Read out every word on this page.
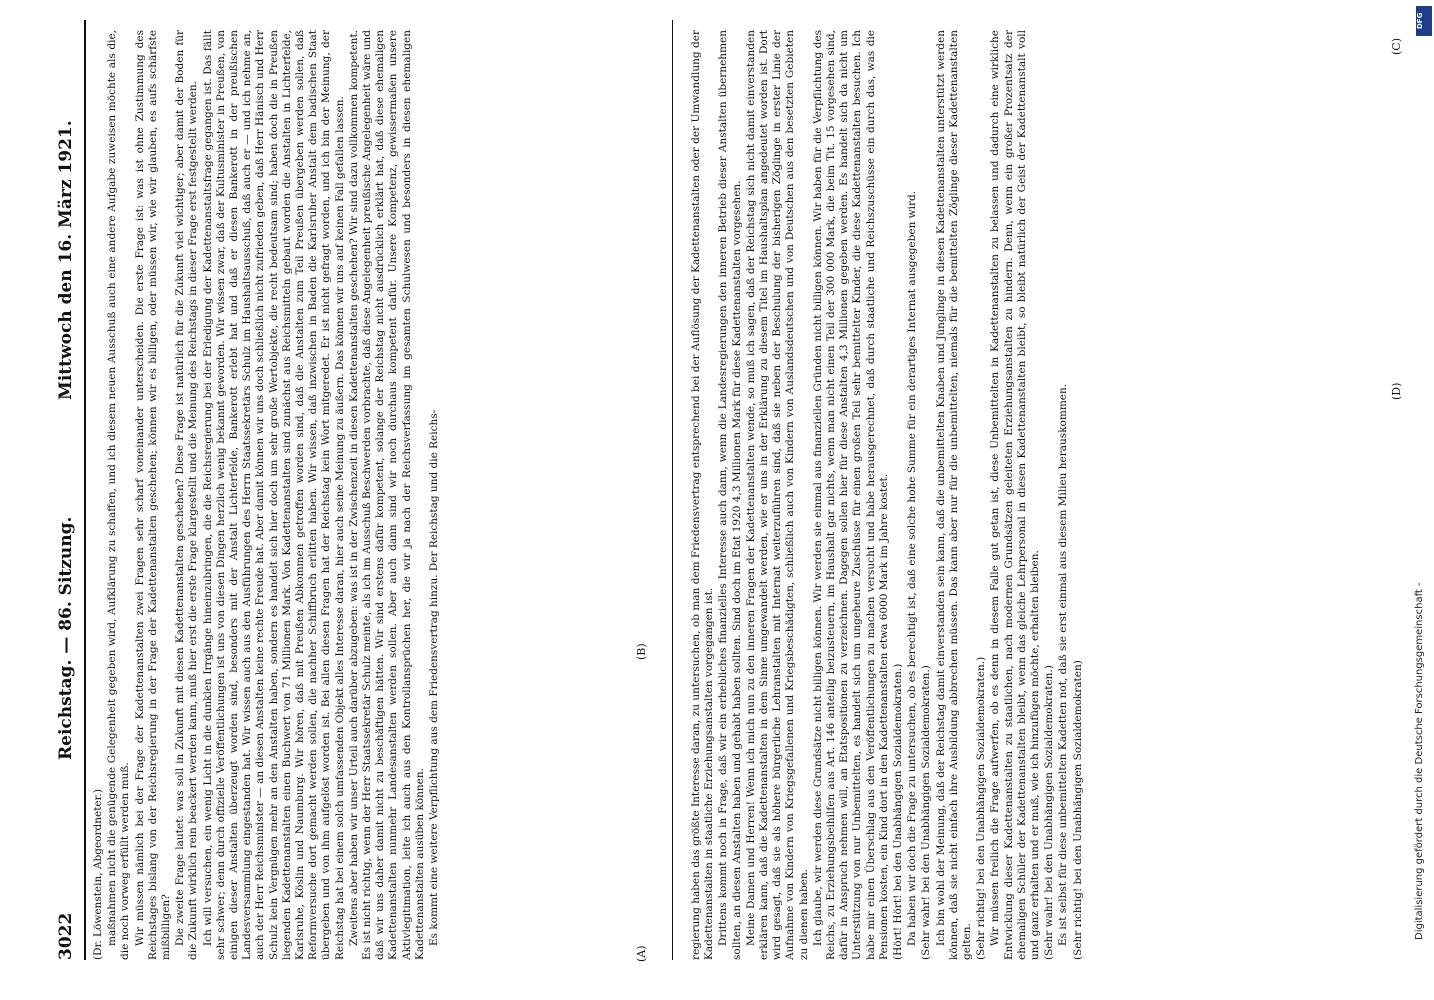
3022
Reichstag. — 86. Sitzung.
Mittwoch den 16. März 1921.

(Dr. Löwenstein, Abgeordneter.) maßnahmen nicht die genügende Gelegenheit gegeben wird, Aufklärung zu schaffen, und ich diesem neuen Ausschuß auch eine andere Aufgabe zuweisen möchte als die, die noch vorweg erfüllt werden muß. Wir müssen nämlich bei der Frage der Kadettenanstalten zwei Fragen sehr scharf voneinander unterscheiden. Die erste Frage ist: was ist ohne Zustimmung des Reichstages bislang von der Reichsregierung in der Frage der Kadettenanstalten geschehen; können wir es billigen, oder müssen wir, wie wir glauben, es aufs schärfste mißbilligen? Die zweite Frage lautet: was soll in Zukunft mit diesen Kadettenanstalten geschehen? Diese Frage ist natürlich für die Zukunft viel wichtiger; aber damit der Boden für die Zukunft wirklich rein beackert werden kann, muß hier erst die erste Frage klargestellt und die Meinung des Reichstags in dieser Frage erst festgestellt werden. Ich will versuchen, ein wenig Licht in die dunklen Irrgänge hineinzubringen, die die Reichsregierung bei der Erledigung der Kadettenanstaltsfrage gegangen ist. Das fällt sehr schwer; denn durch offizielle Veröffentlichungen ist uns von diesen Dingen herzlich wenig bekannt geworden. Wir wissen zwar, daß der Kultusminister in Preußen, von einigen dieser Anstalten überzeugt worden sind, besonders mit der Anstalt Lichterfelde, Bankerott erlebt hat und daß er diesen Bankerott in der preußischen Landesversammlung eingestanden hat. Wir wissen auch aus den Ausführungen des Herrn Staatssekretärs Schulz im Haushaltsausschuß, daß auch er — und ich nehme an, auch der Herr Reichsminister — an diesen Anstalten keine rechte Freude hat. Aber damit können wir uns doch schließlich nicht zufrieden geben, daß Herr Hänisch und Herr Schulz kein Vergnügen mehr an den Anstalten haben, sondern es handelt sich hier doch um sehr große Wertobjekte, die recht bedeutsam sind; haben doch die in Preußen liegenden Kadettenanstalten einen Buchwert von 71 Millionen Mark. Von Kadettenanstalten sind zunächst aus Reichsmitteln gebaut worden die Anstalten in Lichterfelde, Karlsruhe, Köslin und Naumburg. Wir hören, daß mit Preußen Abkommen getroffen worden sind, daß die Anstalten zum Teil Preußen übergeben werden sollen, daß Reformversuche dort gemacht werden sollen, die nachher Schiffbruch erlitten haben. Wir wissen, daß inzwischen in Baden die Karlsruher Anstalt dem badischen Staat übergeben und von ihm aufgelöst worden ist. Bei allen diesen Fragen hat der Reichstag kein Wort mitgeredet. Er ist nicht gefragt worden, und ich bin der Meinung, der Reichstag hat bei einem solch umfassenden Objekt alles Interesse daran, hier auch seine Meinung zu äußern. Das können wir uns auf keinen Fall gefallen lassen. Zweitens aber haben wir unser Urteil auch darüber abzugeben: was ist in der Zwischenzeit in diesen Kadettenanstalten geschehen? Wir sind dazu vollkommen kompetent. Es ist nicht richtig, wenn der Herr Staatssekretär Schulz meinte, als ich im Ausschuß Beschwerden vorbrachte, daß diese Angelegenheit preußische Angelegenheit wäre und daß wir uns daher damit nicht zu beschäftigen hätten. Wir sind erstens dafür kompetent, solange der Reichstag nicht ausdrücklich erklärt hat, daß diese ehemaligen Kadettenanstalten nunmehr Landesanstalten werden sollen. Aber auch dann sind wir noch durchaus kompetent dafür. Unsere Kompetenz, gewissermaßen unsere Aktivlegitimation, leite ich auch aus den Kontrollansprüchen her, die wir ja nach der Reichsverfassung im gesamten Schulwesen und besonders in diesen ehemaligen Kadettenanstalten ausüben können. Es kommt eine weitere Verpflichtung aus dem Friedensvertrag hinzu. Der Reichstag und die Reichs-	regierung haben das größte Interesse daran, zu untersuchen, ob man dem Friedensvertrag entsprechend bei der Auflösung der Kadettenanstalten oder der Umwandlung der Kadettenanstalten in staatliche Erziehungsanstalten vorgegangen ist. Drittens kommt noch in Frage, daß wir ein erhebliches finanzielles Interesse auch dann, wenn die Landesregierungen den inneren Betrieb dieser Anstalten übernehmen sollten, an diesen Anstalten haben und gehabt haben sollten. Sind doch im Etat 1920 4,3 Millionen Mark für diese Kadettenanstalten vorgesehen. Meine Damen und Herren! Wenn ich mich nun zu den inneren Fragen der Kadettenanstalten wende, so muß ich sagen, daß der Reichstag sich nicht damit einverstanden erklären kann, daß die Kadettenanstalten in dem Sinne umgewandelt werden, wie er uns in der Erklärung zu diesem Titel im Haushaltsplan angedeutet worden ist. Dort wird gesagt, daß sie als höhere bürgerliche Lehranstalten mit Internat weiterzuführen sind, daß sie neben der Beschulung der bisherigen Zöglinge in erster Linie der Aufnahme von Kindern von Kriegsgefallenen und Kriegsbeschädigten, schließlich auch von Kindern von Auslandsdeutschen und von Deutschen aus den besetzten Gebieten zu dienen haben. Ich glaube, wir werden diese Grundsätze nicht billigen können. Wir werden sie einmal aus finanziellen Gründen nicht billigen können. Wir haben für die Verpflichtung des Reichs, zu Erziehungsbeihilfen aus Art. 146 anteilig beizusteuern, im Haushalt gar nichts, wenn man nicht einen Teil der 300 000 Mark, die beim Tit. 15 vorgesehen sind, dafür in Anspruch nehmen will, an Etatspositionen zu verzeichnen. Dagegen sollen hier für diese Anstalten 4,3 Millionen gegeben werden. Es handelt sich da nicht um Unterstützung von nur Unbemittelten, es handelt sich um ungeheure Zuschüsse für einen großen Teil sehr bemittelter Kinder, die diese Kadettenanstalten besuchen. Ich habe mir einen Überschlag aus den Veröffentlichungen zu machen versucht und habe herausgerechnet, daß durch staatliche und Reichszuschüsse ein durch das, was die Pensionen kosten, ein Kind dort in den Kadettenanstalten etwa 6000 Mark im Jahre kostet. (Hört! Hört! bei den Unabhängigen Sozialdemokraten.) Da haben wir doch die Frage zu untersuchen, ob es berechtigt ist, daß eine solche hohe Summe für ein derartiges Internat ausgegeben wird. (Sehr wahr! bei den Unabhängigen Sozialdemokraten.) Ich bin wohl der Meinung, daß der Reichstag damit einverstanden sein kann, daß die unbemittelten Knaben und Jünglinge in diesen Kadettenanstalten unterstützt werden können, daß sie nicht einfach ihre Ausbildung abbrechen müssen. Das kann aber nur für die unbemittelten, niemals für die bemittelten Zöglinge dieser Kadettenanstalten gelten. (Sehr richtig! bei den Unabhängigen Sozialdemokraten.) Wir müssen freilich die Frage aufwerfen, ob es denn in diesem Falle gut getan ist, diese Unbemittelten in Kadettenanstalten zu belassen und dadurch eine wirkliche Entwicklung dieser Kadettenanstalten zu staatlichen, nach modernen Grundsätzen geleiteten Erziehungsanstalten zu hindern. Denn, wenn ein großer Prozentsatz der ehemaligen Schüler der Kadettenanstalten bleibt, wenn das gleiche Lehrpersonal in diesen Kadettenanstalten bleibt, so bleibt natürlich der Geist der Kadettenanstalt voll und ganz erhalten und er muß, wie ich hinzufügen möchte, erhalten bleiben. (Sehr wahr! bei den Unabhängigen Sozialdemokraten.) Es ist selbst für diese unbemittelten Kadetten not, daß sie erst einmal aus diesem Milieu herauskommen. (Sehr richtig! bei den Unabhängigen Sozialdemokraten)

(A)
(B)
(C)
(D)
DFG
Digitalisierung gefördert durch die Deutsche Forschungsgemeinschaft -
